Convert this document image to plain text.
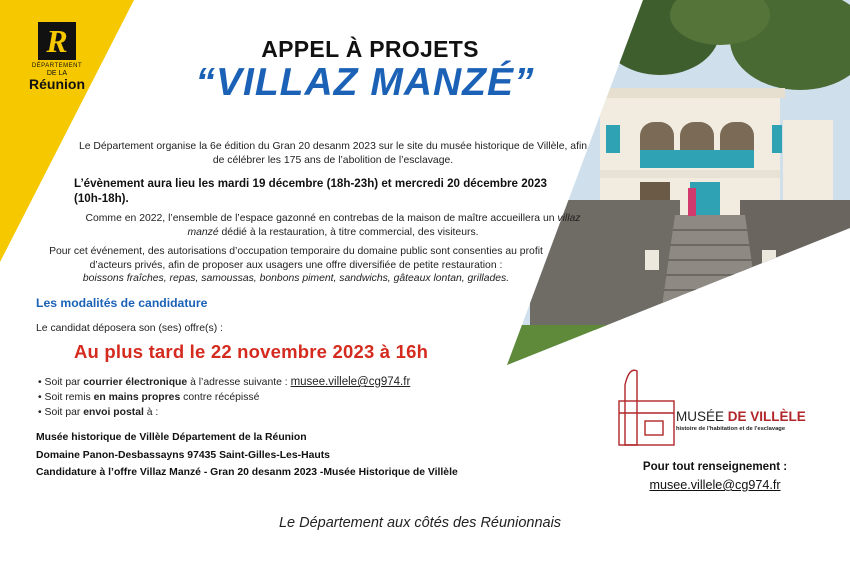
R
DÉPARTEMENT
DE LA
Réunion
APPEL À PROJETS
“VILLAZ MANZÉ”
Le Département organise la 6e édition du Gran 20 desanm 2023 sur le site du musée historique de Villèle, afin de célébrer les 175 ans de l’abolition de l’esclavage.
L’évènement aura lieu les mardi 19 décembre (18h-23h) et mercredi 20 décembre 2023 (10h-18h).
Comme en 2022, l’ensemble de l’espace gazonné en contrebas de la maison de maître accueillera un villaz manzé dédié à la restauration, à titre commercial, des visiteurs.
Pour cet événement, des autorisations d’occupation temporaire du domaine public sont consenties au profit d’acteurs privés, afin de proposer aux usagers une offre diversifiée de petite restauration :
boissons fraîches, repas, samoussas, bonbons piment, sandwichs, gâteaux lontan, grillades.
Les modalités de candidature
Le candidat déposera son (ses) offre(s) :
Au plus tard le 22 novembre 2023 à 16h
• Soit par courrier électronique à l’adresse suivante : musee.villele@cg974.fr
• Soit remis en mains propres contre récépissé
• Soit par envoi postal à :
Musée historique de Villèle Département de la Réunion
Domaine Panon-Desbassayns 97435 Saint-Gilles-Les-Hauts
Candidature à l’offre Villaz Manzé - Gran 20 desanm 2023 -Musée Historique de Villèle
MUSÉE DE VILLÈLE
histoire de l'habitation et de l'esclavage
Pour tout renseignement :
musee.villele@cg974.fr
Le Département aux côtés des Réunionnais
